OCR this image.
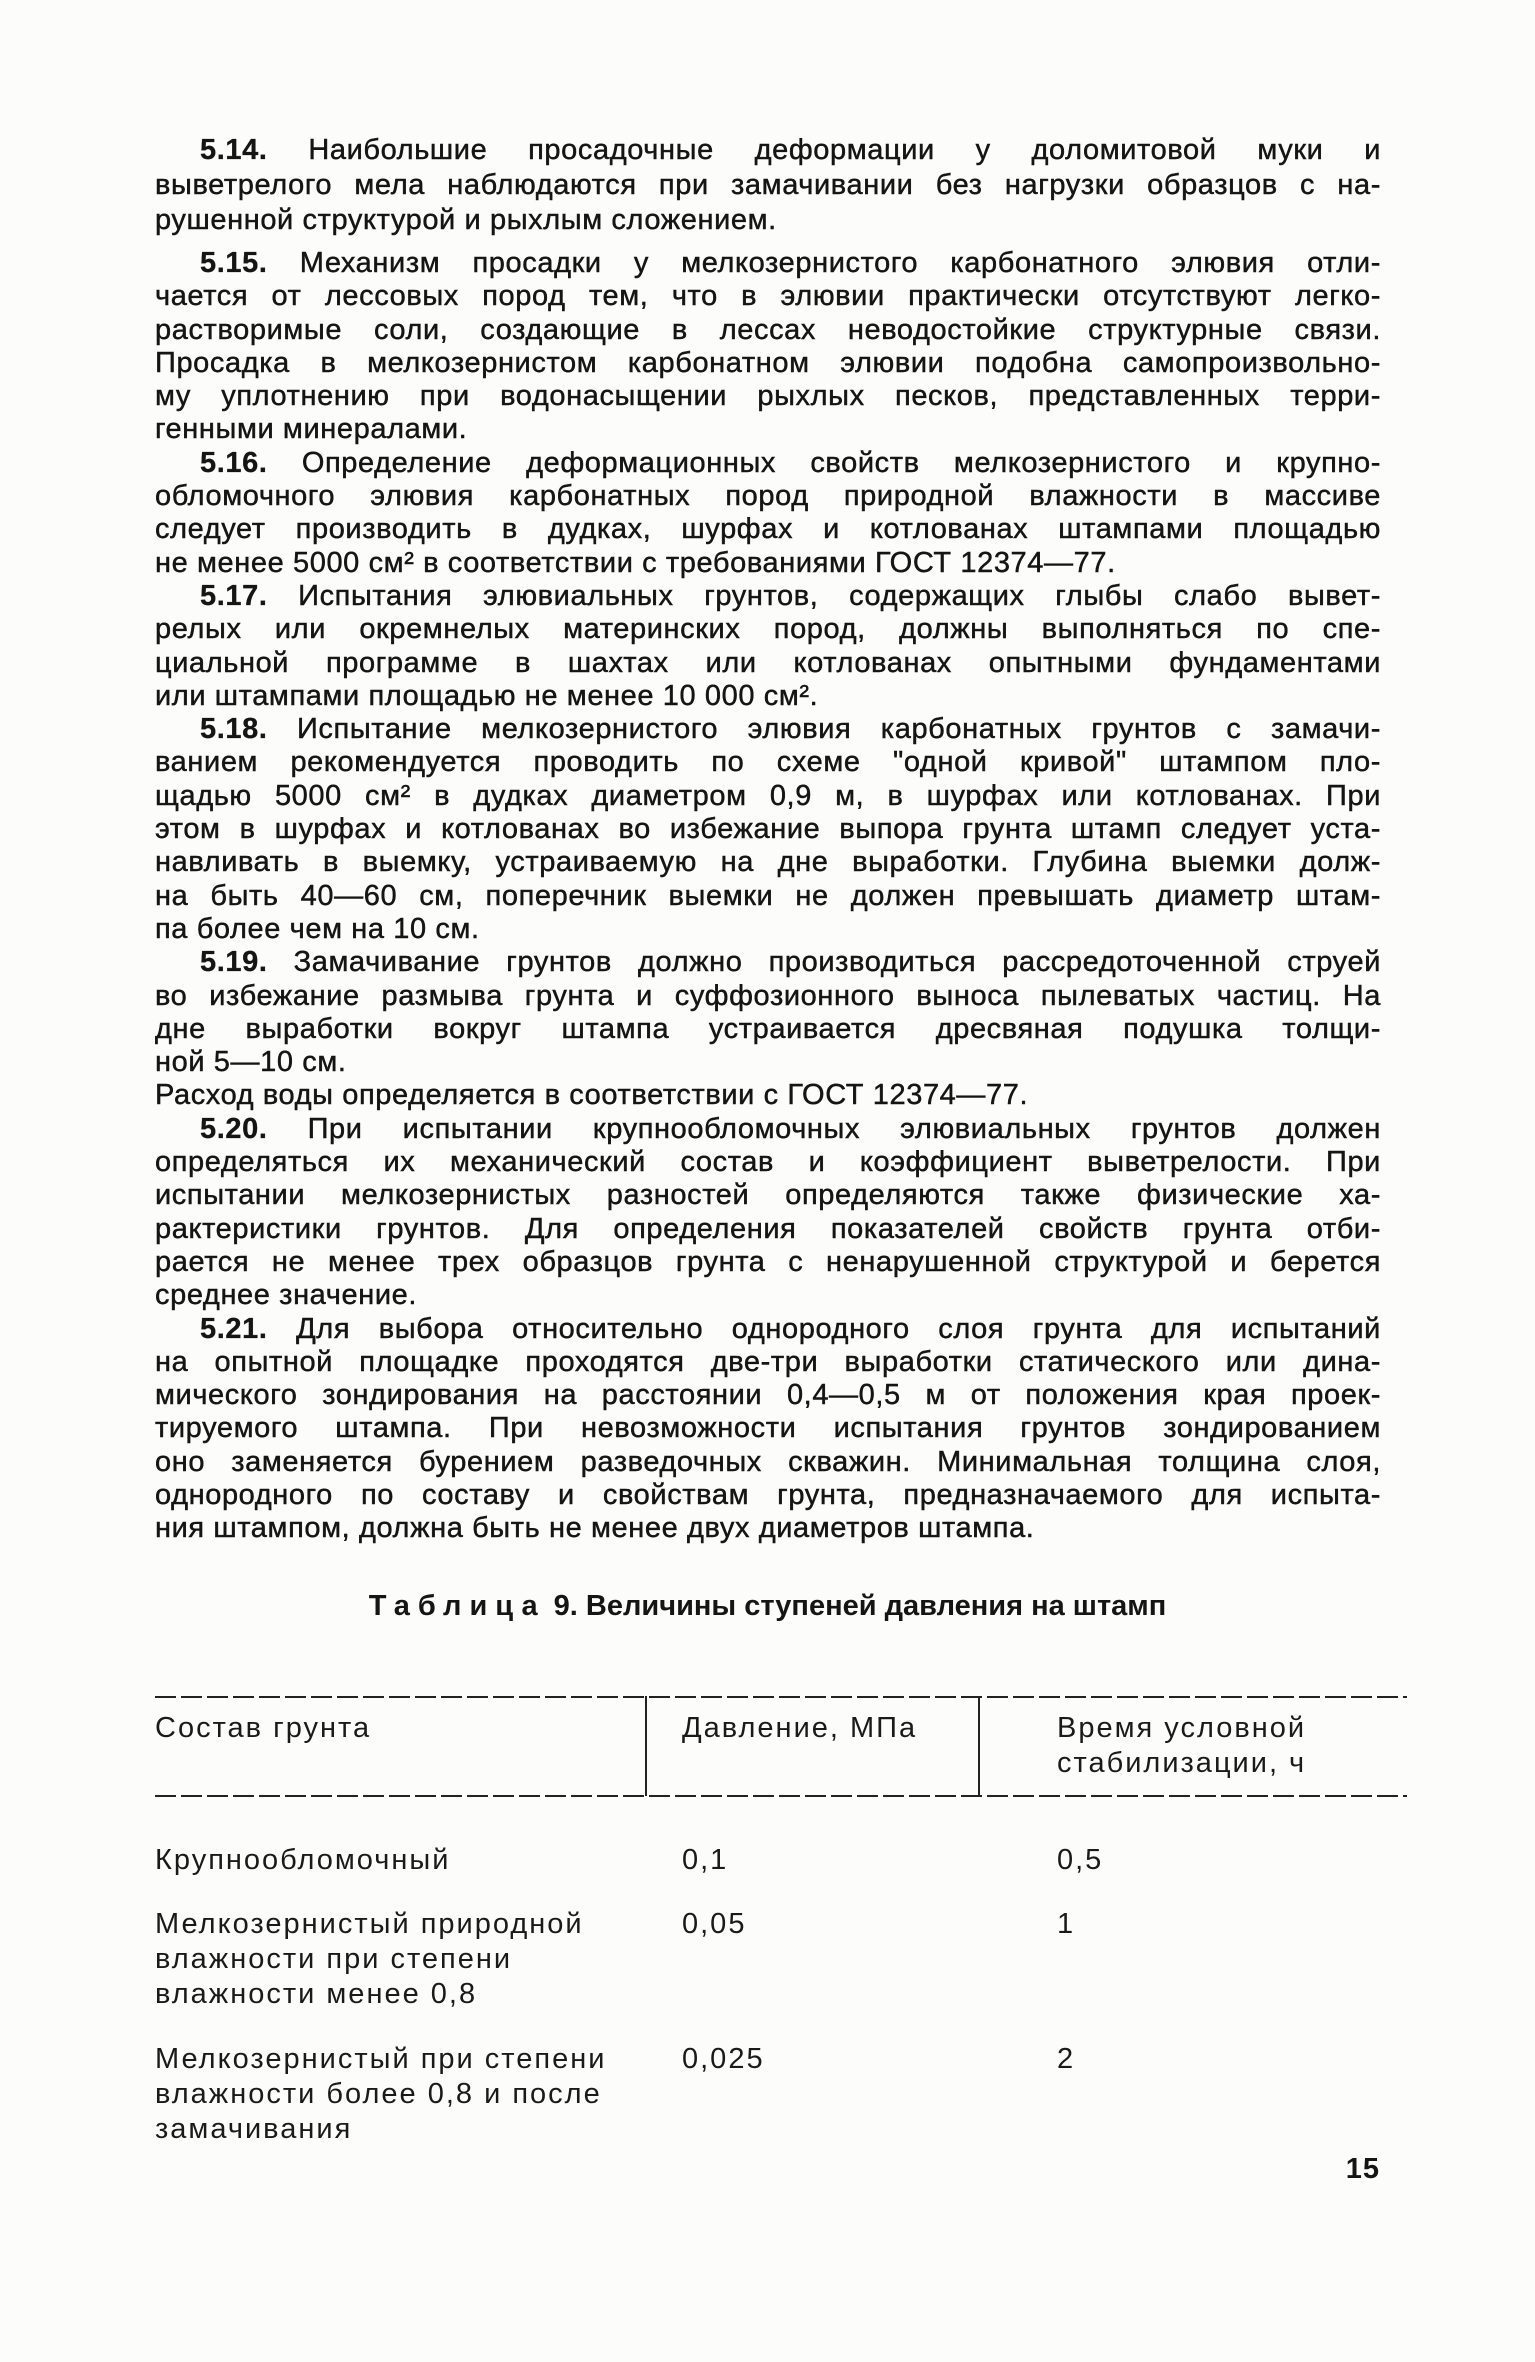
5.14. Наибольшие просадочные деформации у доломитовой муки и
выветрелого мела наблюдаются при замачивании без нагрузки образцов с на-
рушенной структурой и рыхлым сложением.
5.15. Механизм просадки у мелкозернистого карбонатного элювия отли-
чается от лессовых пород тем, что в элювии практически отсутствуют легко-
растворимые соли, создающие в лессах неводостойкие структурные связи.
Просадка в мелкозернистом карбонатном элювии подобна самопроизвольно-
му уплотнению при водонасыщении рыхлых песков, представленных терри-
генными минералами.
5.16. Определение деформационных свойств мелкозернистого и крупно-
обломочного элювия карбонатных пород природной влажности в массиве
следует производить в дудках, шурфах и котлованах штампами площадью
не менее 5000 см² в соответствии с требованиями ГОСТ 12374—77.
5.17. Испытания элювиальных грунтов, содержащих глыбы слабо вывет-
релых или окремнелых материнских пород, должны выполняться по спе-
циальной программе в шахтах или котлованах опытными фундаментами
или штампами площадью не менее 10 000 см².
5.18. Испытание мелкозернистого элювия карбонатных грунтов с замачи-
ванием рекомендуется проводить по схеме "одной кривой" штампом пло-
щадью 5000 см² в дудках диаметром 0,9 м, в шурфах или котлованах. При
этом в шурфах и котлованах во избежание выпора грунта штамп следует уста-
навливать в выемку, устраиваемую на дне выработки. Глубина выемки долж-
на быть 40—60 см, поперечник выемки не должен превышать диаметр штам-
па более чем на 10 см.
5.19. Замачивание грунтов должно производиться рассредоточенной струей
во избежание размыва грунта и суффозионного выноса пылеватых частиц. На
дне выработки вокруг штампа устраивается дресвяная подушка толщи-
ной 5—10 см.
Расход воды определяется в соответствии с ГОСТ 12374—77.
5.20. При испытании крупнообломочных элювиальных грунтов должен
определяться их механический состав и коэффициент выветрелости. При
испытании мелкозернистых разностей определяются также физические ха-
рактеристики грунтов. Для определения показателей свойств грунта отби-
рается не менее трех образцов грунта с ненарушенной структурой и берется
среднее значение.
5.21. Для выбора относительно однородного слоя грунта для испытаний
на опытной площадке проходятся две-три выработки статического или дина-
мического зондирования на расстоянии 0,4—0,5 м от положения края проек-
тируемого штампа. При невозможности испытания грунтов зондированием
оно заменяется бурением разведочных скважин. Минимальная толщина слоя,
однородного по составу и свойствам грунта, предназначаемого для испыта-
ния штампом, должна быть не менее двух диаметров штампа.
Таблица 9. Величины ступеней давления на штамп
Состав грунта	Давление, МПа	Время условной
стабилизации, ч
Крупнообломочный	0,1	0,5
Мелкозернистый природной
влажности при степени
влажности менее 0,8
0,05	1
Мелкозернистый при степени
влажности более 0,8 и после
замачивания
0,025	2
15
